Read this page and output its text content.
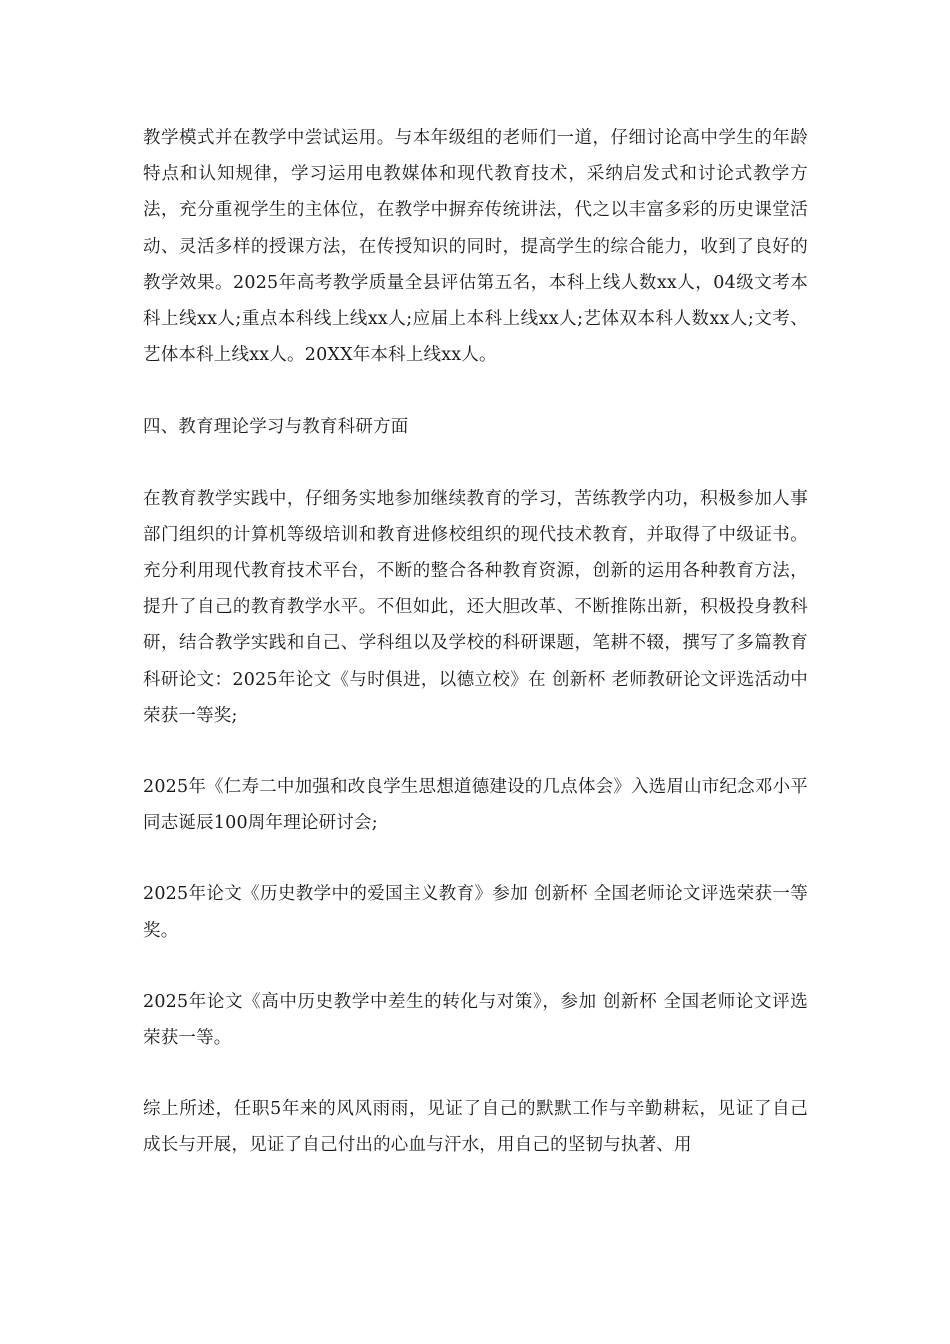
教学模式并在教学中尝试运用。与本年级组的老师们一道，仔细讨论高中学生的年龄特点和认知规律，学习运用电教媒体和现代教育技术，采纳启发式和讨论式教学方法，充分重视学生的主体位，在教学中摒弃传统讲法，代之以丰富多彩的历史课堂活动、灵活多样的授课方法，在传授知识的同时，提高学生的综合能力，收到了良好的教学效果。2025年高考教学质量全县评估第五名，本科上线人数xx人，04级文考本科上线xx人;重点本科线上线xx人;应届上本科上线xx人;艺体双本科人数xx人;文考、艺体本科上线xx人。20XX年本科上线xx人。

四、教育理论学习与教育科研方面

在教育教学实践中，仔细务实地参加继续教育的学习，苦练教学内功，积极参加人事部门组织的计算机等级培训和教育进修校组织的现代技术教育，并取得了中级证书。充分利用现代教育技术平台，不断的整合各种教育资源，创新的运用各种教育方法，提升了自己的教育教学水平。不但如此，还大胆改革、不断推陈出新，积极投身教科研，结合教学实践和自己、学科组以及学校的科研课题，笔耕不辍，撰写了多篇教育科研论文：2025年论文《与时俱进，以德立校》在 创新杯 老师教研论文评选活动中荣获一等奖;

2025年《仁寿二中加强和改良学生思想道德建设的几点体会》入选眉山市纪念邓小平同志诞辰100周年理论研讨会;

2025年论文《历史教学中的爱国主义教育》参加 创新杯 全国老师论文评选荣获一等奖。

2025年论文《高中历史教学中差生的转化与对策》，参加 创新杯 全国老师论文评选荣获一等。

综上所述，任职5年来的风风雨雨，见证了自己的默默工作与辛勤耕耘，见证了自己成长与开展，见证了自己付出的心血与汗水，用自己的坚韧与执著、用
